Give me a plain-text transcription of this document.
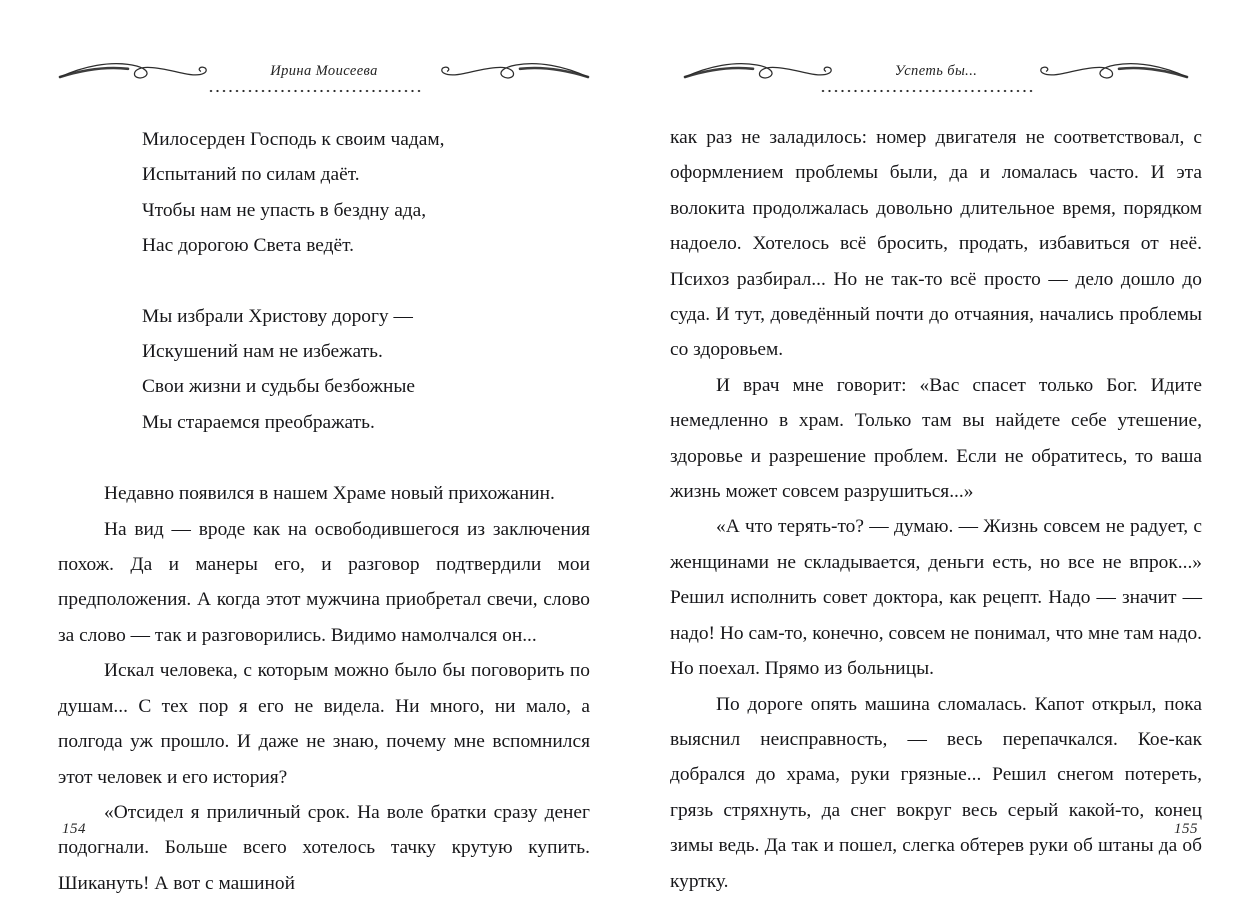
Ирина Моисеева
Милосерден Господь к своим чадам,
Испытаний по силам даёт.
Чтобы нам не упасть в бездну ада,
Нас дорогою Света ведёт.
Мы избрали Христову дорогу —
Искушений нам не избежать.
Свои жизни и судьбы безбожные
Мы стараемся преображать.

Недавно появился в нашем Храме новый прихожанин.

На вид — вроде как на освободившегося из заключения похож. Да и манеры его, и разговор подтвердили мои предположения. А когда этот мужчина приобретал свечи, слово за слово — так и разговорились. Видимо намолчался он...

Искал человека, с которым можно было бы поговорить по душам... С тех пор я его не видела. Ни много, ни мало, а полгода уж прошло. И даже не знаю, почему мне вспомнился этот человек и его история?

«Отсидел я приличный срок. На воле братки сразу денег подогнали. Больше всего хотелось тачку крутую купить. Шикануть! А вот с машиной

154
Успеть бы...

как раз не заладилось: номер двигателя не соответствовал, с оформлением проблемы были, да и ломалась часто. И эта волокита продолжалась довольно длительное время, порядком надоело. Хотелось всё бросить, продать, избавиться от неё. Психоз разбирал... Но не так-то всё просто — дело дошло до суда. И тут, доведённый почти до отчаяния, начались проблемы со здоровьем.

И врач мне говорит: «Вас спасет только Бог. Идите немедленно в храм. Только там вы найдете себе утешение, здоровье и разрешение проблем. Если не обратитесь, то ваша жизнь может совсем разрушиться...»

«А что терять-то? — думаю. — Жизнь совсем не радует, с женщинами не складывается, деньги есть, но все не впрок...» Решил исполнить совет доктора, как рецепт. Надо — значит — надо! Но сам-то, конечно, совсем не понимал, что мне там надо. Но поехал. Прямо из больницы.

По дороге опять машина сломалась. Капот открыл, пока выяснил неисправность, — весь перепачкался. Кое-как добрался до храма, руки грязные... Решил снегом потереть, грязь стряхнуть, да снег вокруг весь серый какой-то, конец зимы ведь. Да так и пошел, слегка обтерев руки об штаны да об куртку.

155
